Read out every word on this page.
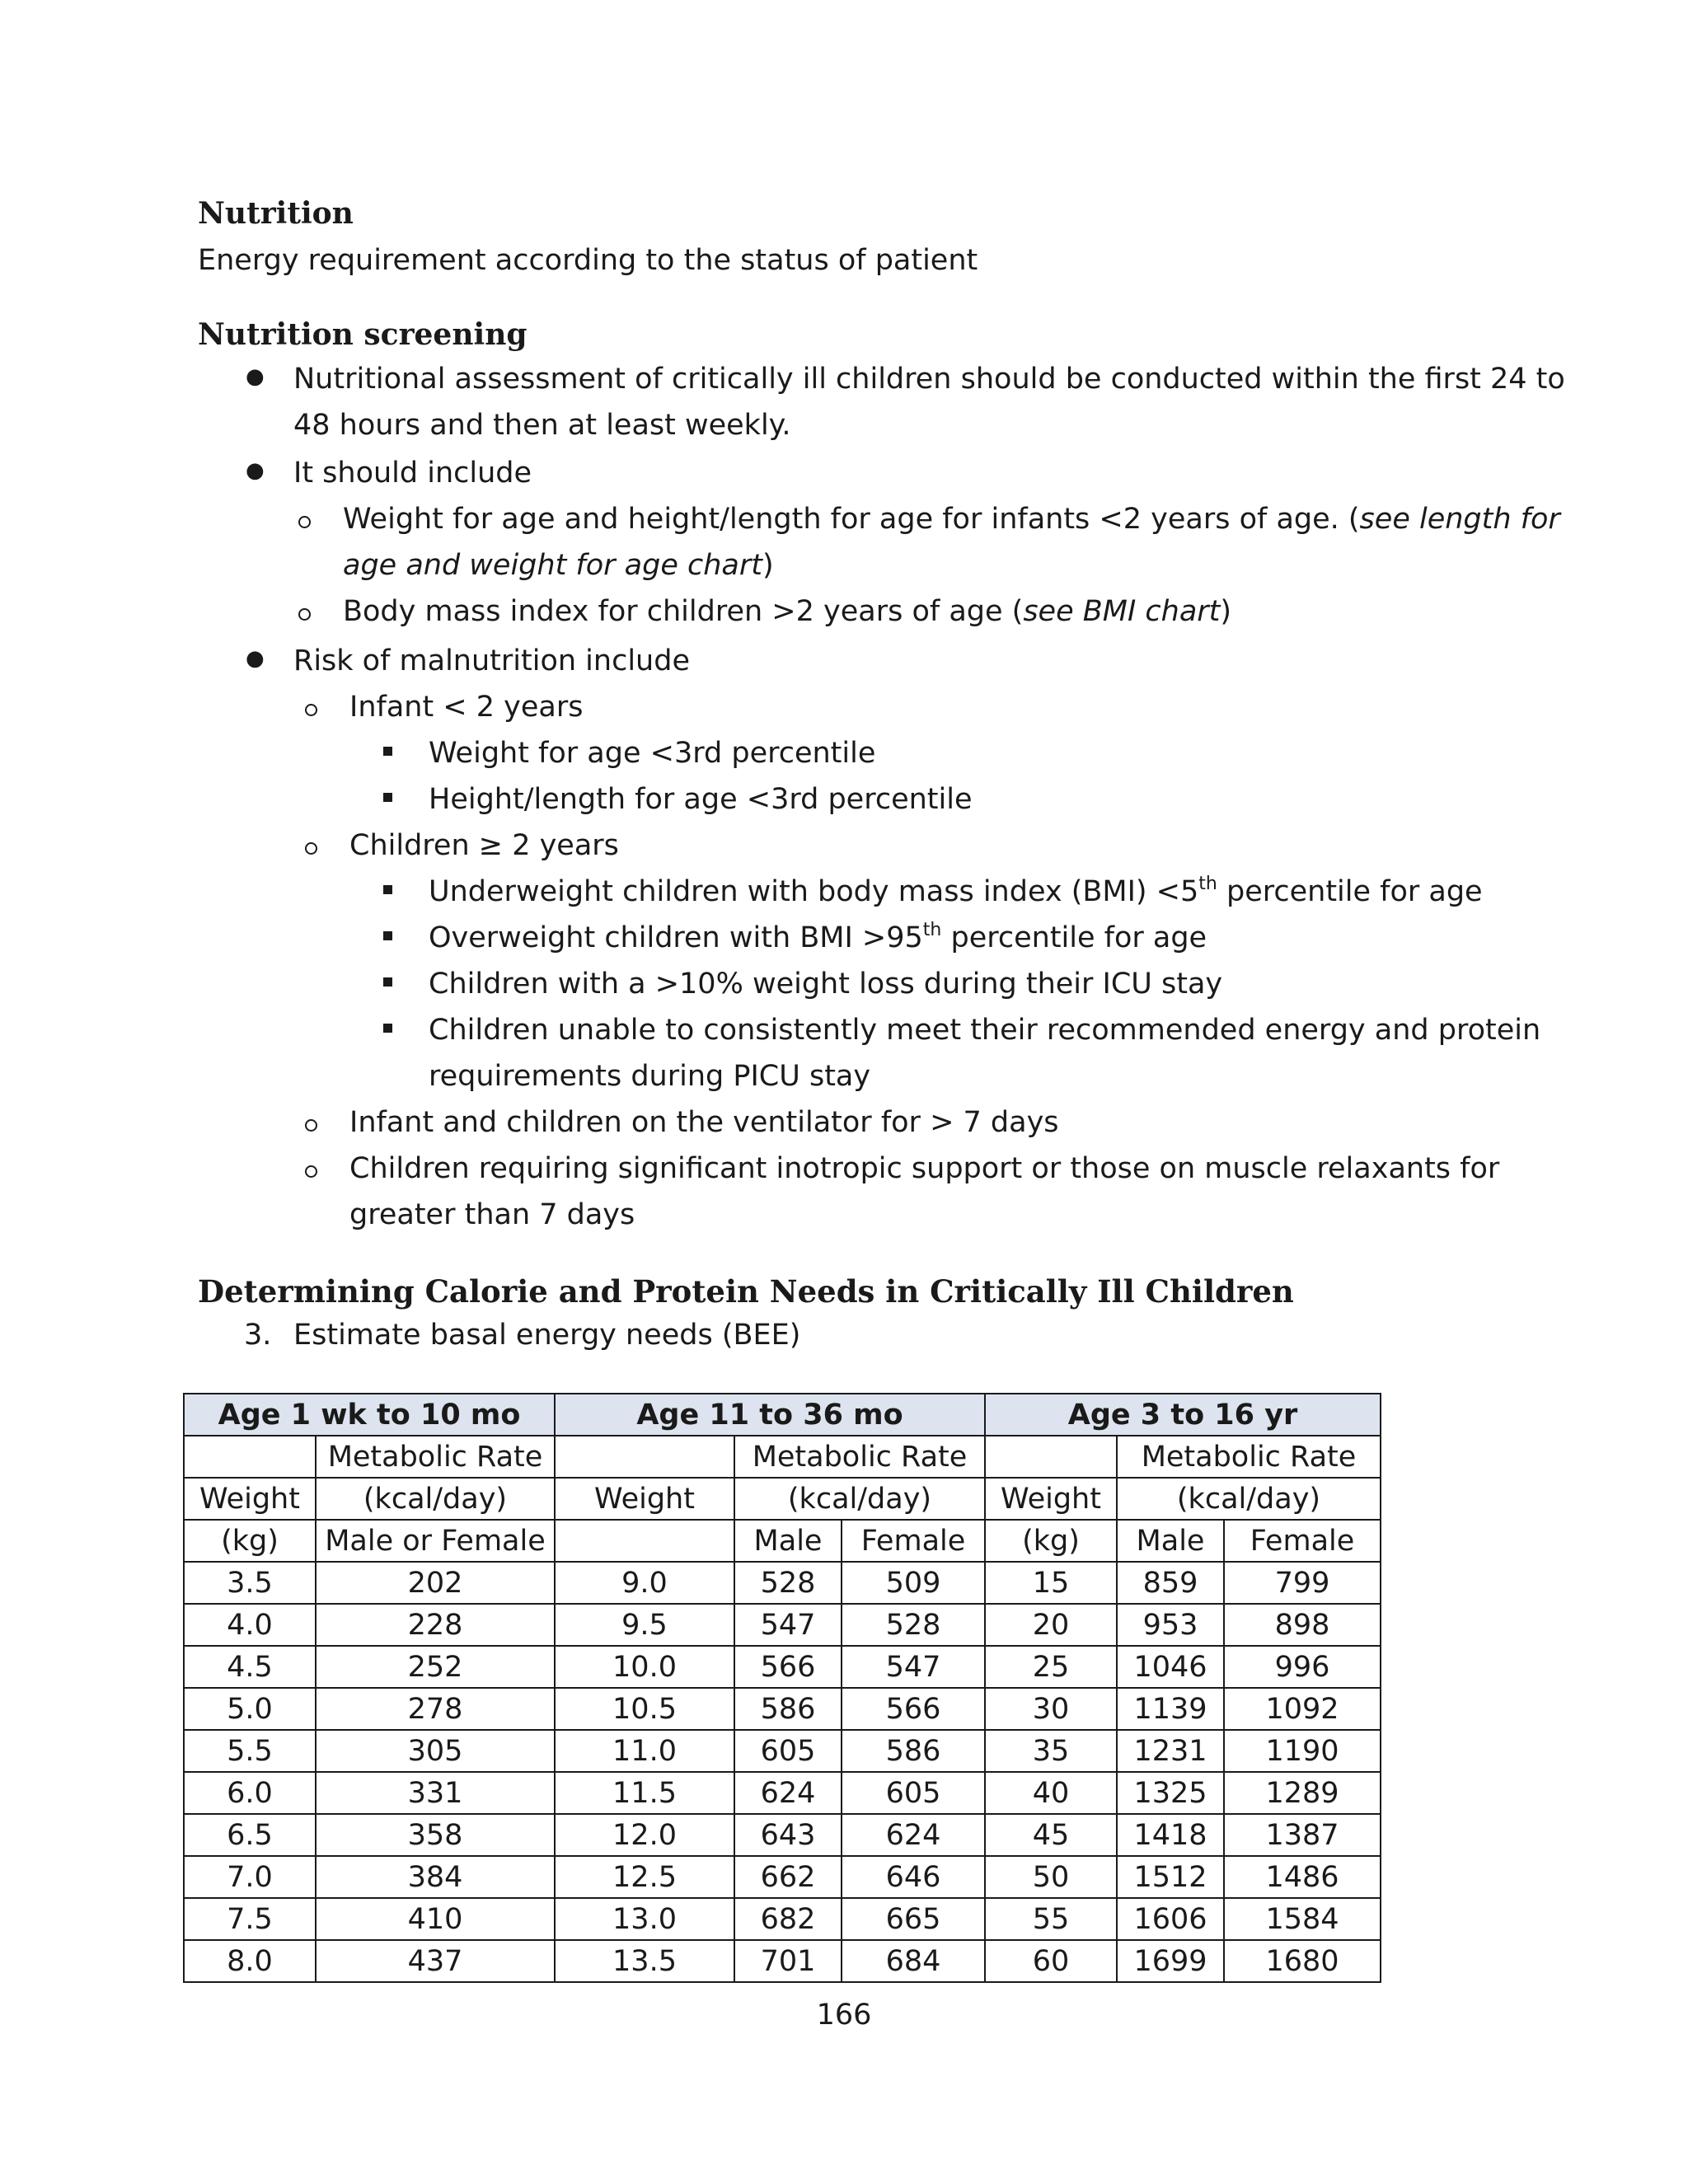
Nutrition
Energy requirement according to the status of patient
Nutrition screening
● Nutritional assessment of critically ill children should be conducted within the first 24 to
48 hours and then at least weekly.
● It should include
Weight for age and height/length for age for infants <2 years of age. (see length for
age and weight for age chart)
Body mass index for children >2 years of age (see BMI chart)
● Risk of malnutrition include
Infant < 2 years
Weight for age <3rd percentile
Height/length for age <3rd percentile
Children ≥ 2 years
Underweight children with body mass index (BMI) <5th percentile for age
Overweight children with BMI >95th percentile for age
Children with a >10% weight loss during their ICU stay
Children unable to consistently meet their recommended energy and protein
requirements during PICU stay
Infant and children on the ventilator for > 7 days
Children requiring significant inotropic support or those on muscle relaxants for
greater than 7 days
Determining Calorie and Protein Needs in Critically Ill Children
3. Estimate basal energy needs (BEE)
Age 1 wk to 10 mo		Age 11 to 36 mo			Age 3 to 16 yr		
	Metabolic Rate		Metabolic Rate			Metabolic Rate	
Weight	(kcal/day)	Weight	(kcal/day)		Weight	(kcal/day)	
(kg)	Male or Female		Male	Female	(kg)	Male	Female
3.5	202	9.0	528	509	15	859	799
4.0	228	9.5	547	528	20	953	898
4.5	252	10.0	566	547	25	1046	996
5.0	278	10.5	586	566	30	1139	1092
5.5	305	11.0	605	586	35	1231	1190
6.0	331	11.5	624	605	40	1325	1289
6.5	358	12.0	643	624	45	1418	1387
7.0	384	12.5	662	646	50	1512	1486
7.5	410	13.0	682	665	55	1606	1584
8.0	437	13.5	701	684	60	1699	1680
166
